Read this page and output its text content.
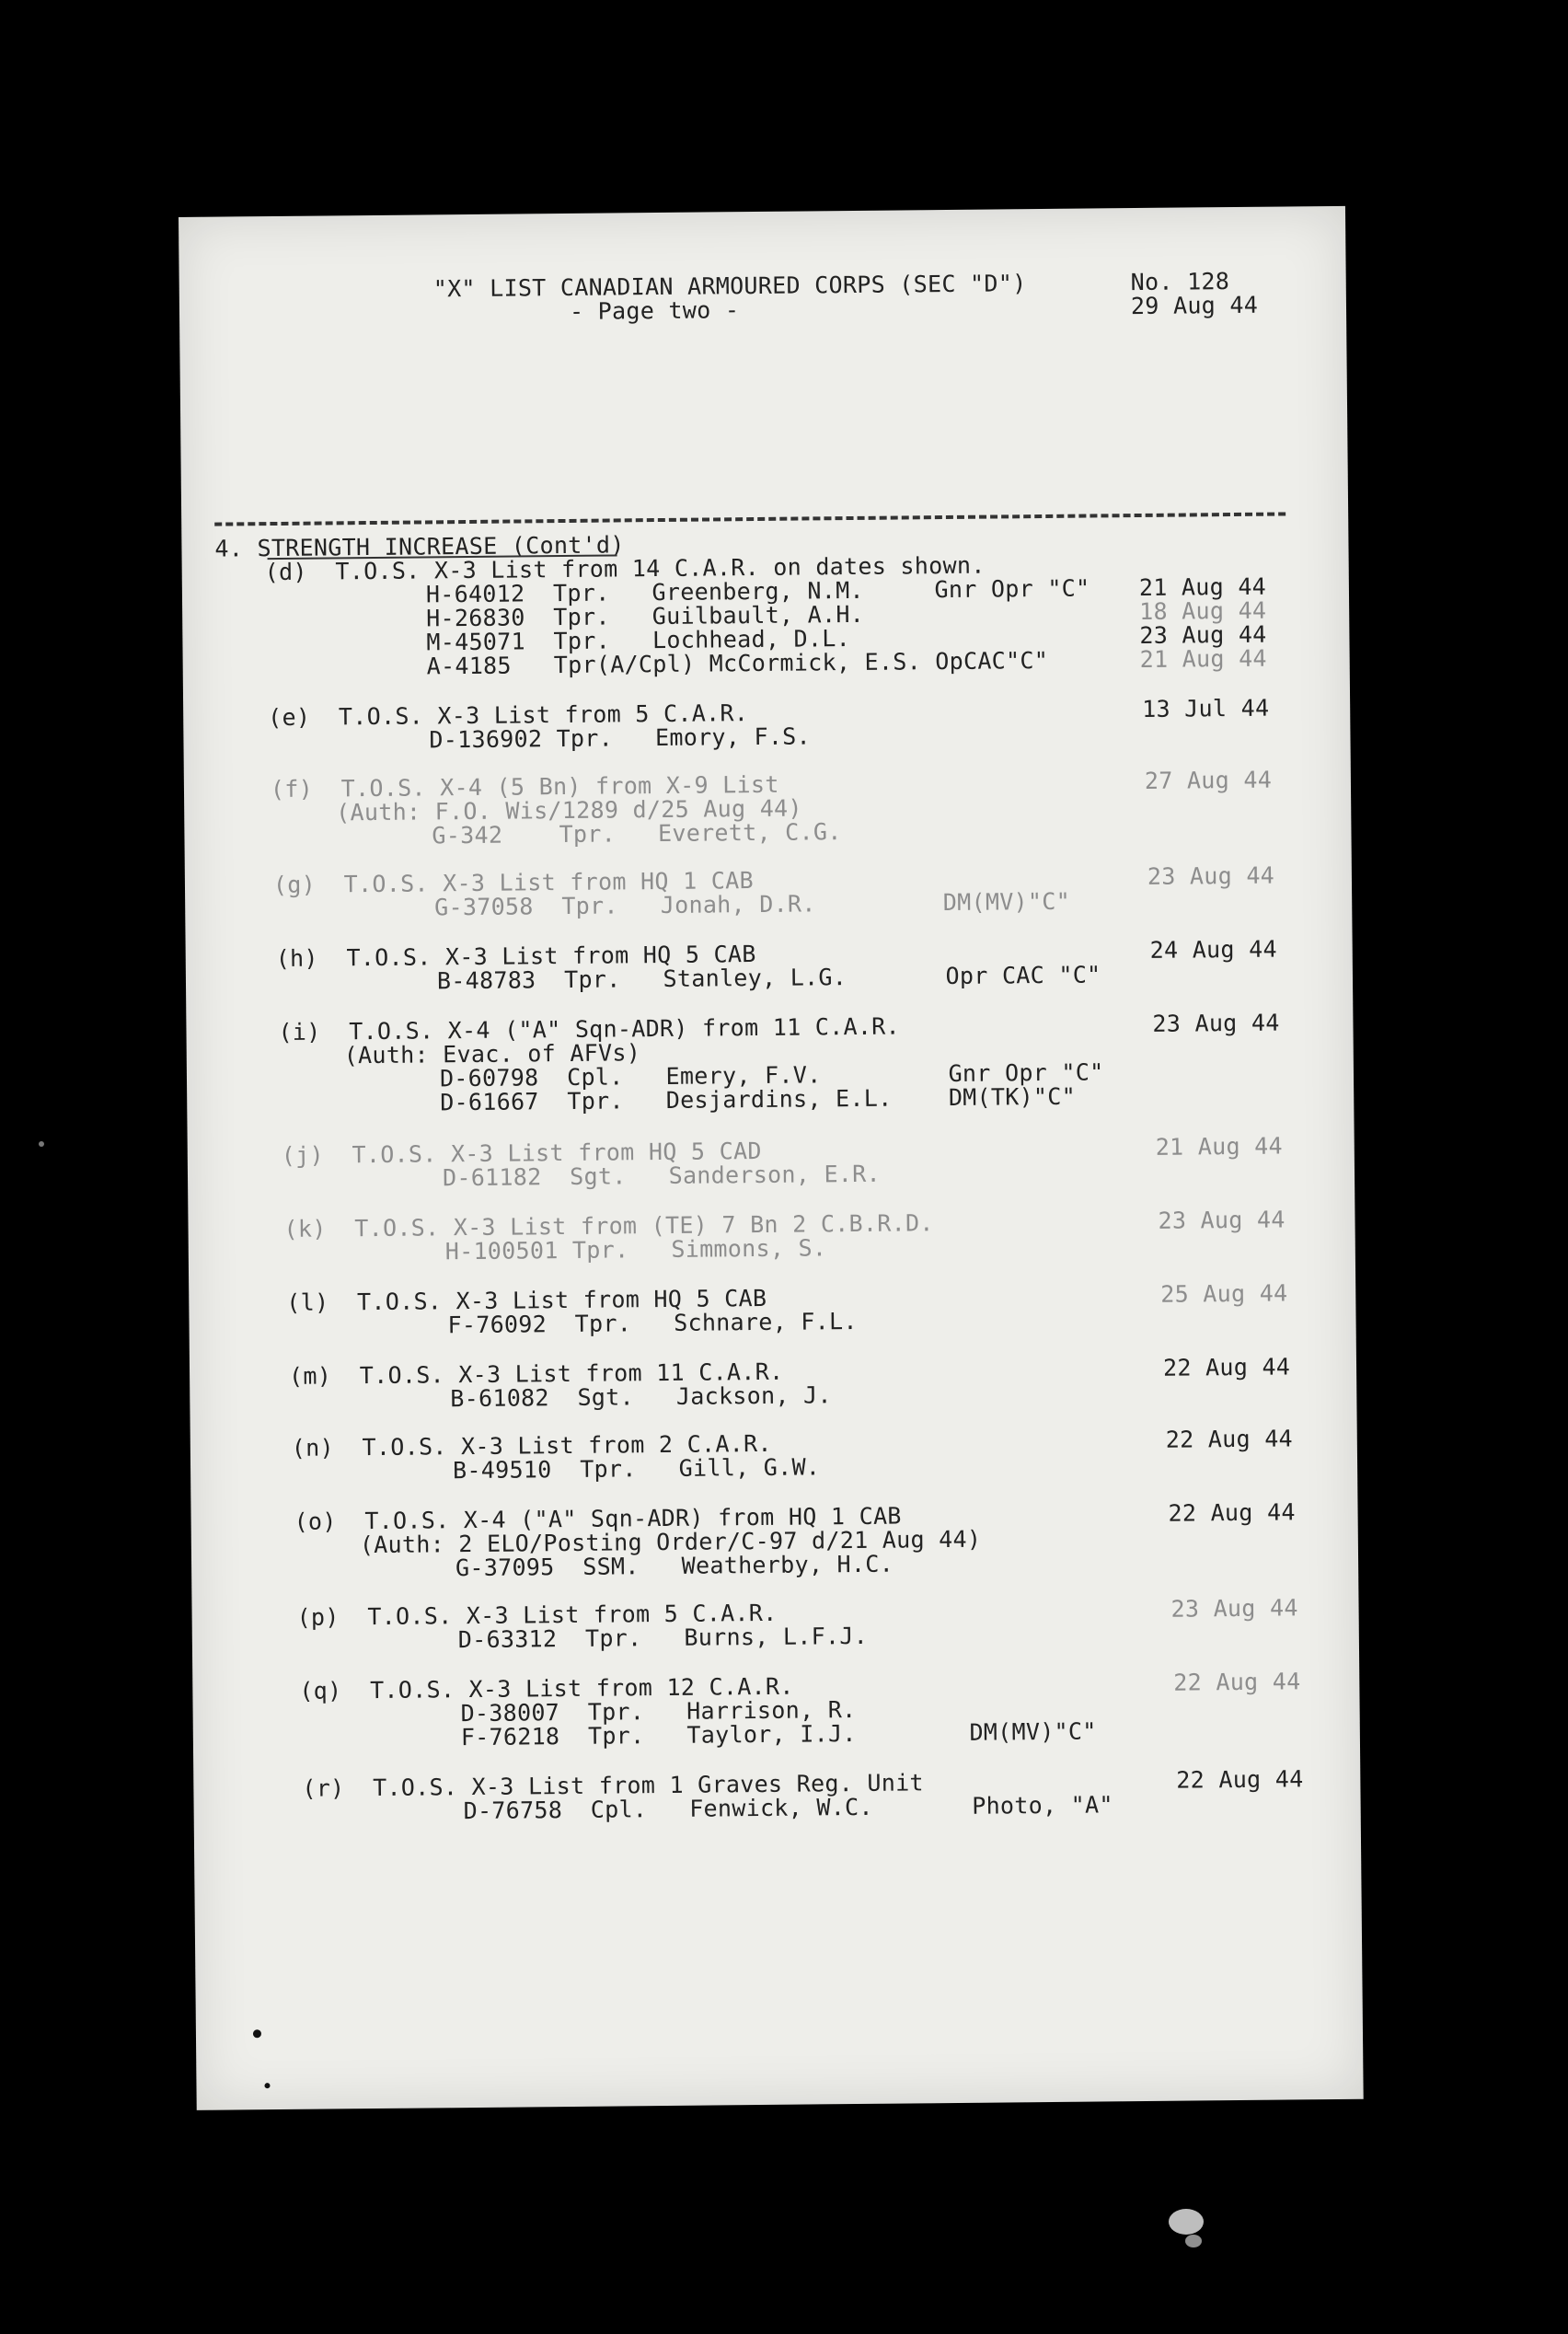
"X" LIST CANADIAN ARMOURED CORPS (SEC "D")	No. 128
- Page two -	29 Aug 44
4. STRENGTH INCREASE (Cont'd)
(d)  T.O.S. X-3 List from 14 C.A.R. on dates shown.
H-64012  Tpr.   Greenberg, N.M.     Gnr Opr "C"
H-26830  Tpr.   Guilbault, A.H.
M-45071  Tpr.   Lochhead, D.L.
A-4185   Tpr(A/Cpl) McCormick, E.S. OpCAC"C"
21 Aug 44
18 Aug 44
23 Aug 44
21 Aug 44
(e)  T.O.S. X-3 List from 5 C.A.R.
D-136902 Tpr.   Emory, F.S.
13 Jul 44
(f)  T.O.S. X-4 (5 Bn) from X-9 List
(Auth: F.O. Wis/1289 d/25 Aug 44)
G-342    Tpr.   Everett, C.G.
27 Aug 44
(g)  T.O.S. X-3 List from HQ 1 CAB
G-37058  Tpr.   Jonah, D.R.         DM(MV)"C"
23 Aug 44
(h)  T.O.S. X-3 List from HQ 5 CAB
B-48783  Tpr.   Stanley, L.G.       Opr CAC "C"
24 Aug 44
(i)  T.O.S. X-4 ("A" Sqn-ADR) from 11 C.A.R.
(Auth: Evac. of AFVs)
D-60798  Cpl.   Emery, F.V.         Gnr Opr "C"
D-61667  Tpr.   Desjardins, E.L.    DM(TK)"C"
23 Aug 44
(j)  T.O.S. X-3 List from HQ 5 CAD
D-61182  Sgt.   Sanderson, E.R.
21 Aug 44
(k)  T.O.S. X-3 List from (TE) 7 Bn 2 C.B.R.D.
H-100501 Tpr.   Simmons, S.
23 Aug 44
(l)  T.O.S. X-3 List from HQ 5 CAB
F-76092  Tpr.   Schnare, F.L.
25 Aug 44
(m)  T.O.S. X-3 List from 11 C.A.R.
B-61082  Sgt.   Jackson, J.
22 Aug 44
(n)  T.O.S. X-3 List from 2 C.A.R.
B-49510  Tpr.   Gill, G.W.
22 Aug 44
(o)  T.O.S. X-4 ("A" Sqn-ADR) from HQ 1 CAB
(Auth: 2 ELO/Posting Order/C-97 d/21 Aug 44)
G-37095  SSM.   Weatherby, H.C.
22 Aug 44
(p)  T.O.S. X-3 List from 5 C.A.R.
D-63312  Tpr.   Burns, L.F.J.
23 Aug 44
(q)  T.O.S. X-3 List from 12 C.A.R.
D-38007  Tpr.   Harrison, R.
F-76218  Tpr.   Taylor, I.J.        DM(MV)"C"
22 Aug 44
(r)  T.O.S. X-3 List from 1 Graves Reg. Unit
D-76758  Cpl.   Fenwick, W.C.       Photo, "A"
22 Aug 44
